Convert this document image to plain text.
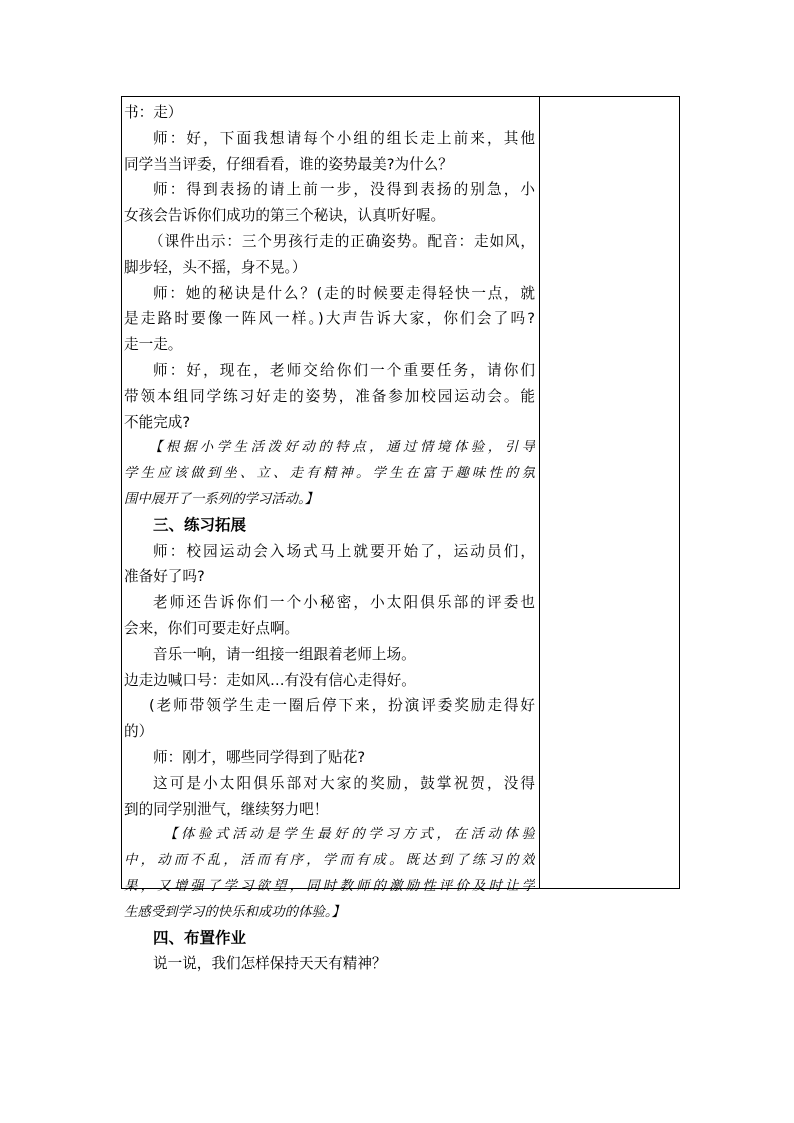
书：走）
师：好，下面我想请每个小组的组长走上前来，其他
同学当当评委，仔细看看，谁的姿势最美?为什么？
师：得到表扬的请上前一步，没得到表扬的别急，小
女孩会告诉你们成功的第三个秘诀，认真听好喔。
（课件出示：三个男孩行走的正确姿势。配音：走如风，
脚步轻，头不摇，身不晃。）
师：她的秘诀是什么？(走的时候要走得轻快一点，就
是走路时要像一阵风一样。)大声告诉大家，你们会了吗?
走一走。
师：好，现在，老师交给你们一个重要任务，请你们
带领本组同学练习好走的姿势，准备参加校园运动会。能
不能完成?
【根据小学生活泼好动的特点，通过情境体验，引导
学生应该做到坐、立、走有精神。学生在富于趣味性的氛
围中展开了一系列的学习活动。】
三、练习拓展
师：校园运动会入场式马上就要开始了，运动员们，
准备好了吗?
老师还告诉你们一个小秘密，小太阳俱乐部的评委也
会来，你们可要走好点啊。
音乐一响，请一组接一组跟着老师上场。
边走边喊口号：走如风…有没有信心走得好。
(老师带领学生走一圈后停下来，扮演评委奖励走得好
的）
师：刚才，哪些同学得到了贴花?
这可是小太阳俱乐部对大家的奖励，鼓掌祝贺，没得
到的同学别泄气，继续努力吧！
【体验式活动是学生最好的学习方式，在活动体验
中，动而不乱，活而有序，学而有成。既达到了练习的效
果，又增强了学习欲望，同时教师的激励性评价及时让学
生感受到学习的快乐和成功的体验。】
四、布置作业
说一说，我们怎样保持天天有精神？
